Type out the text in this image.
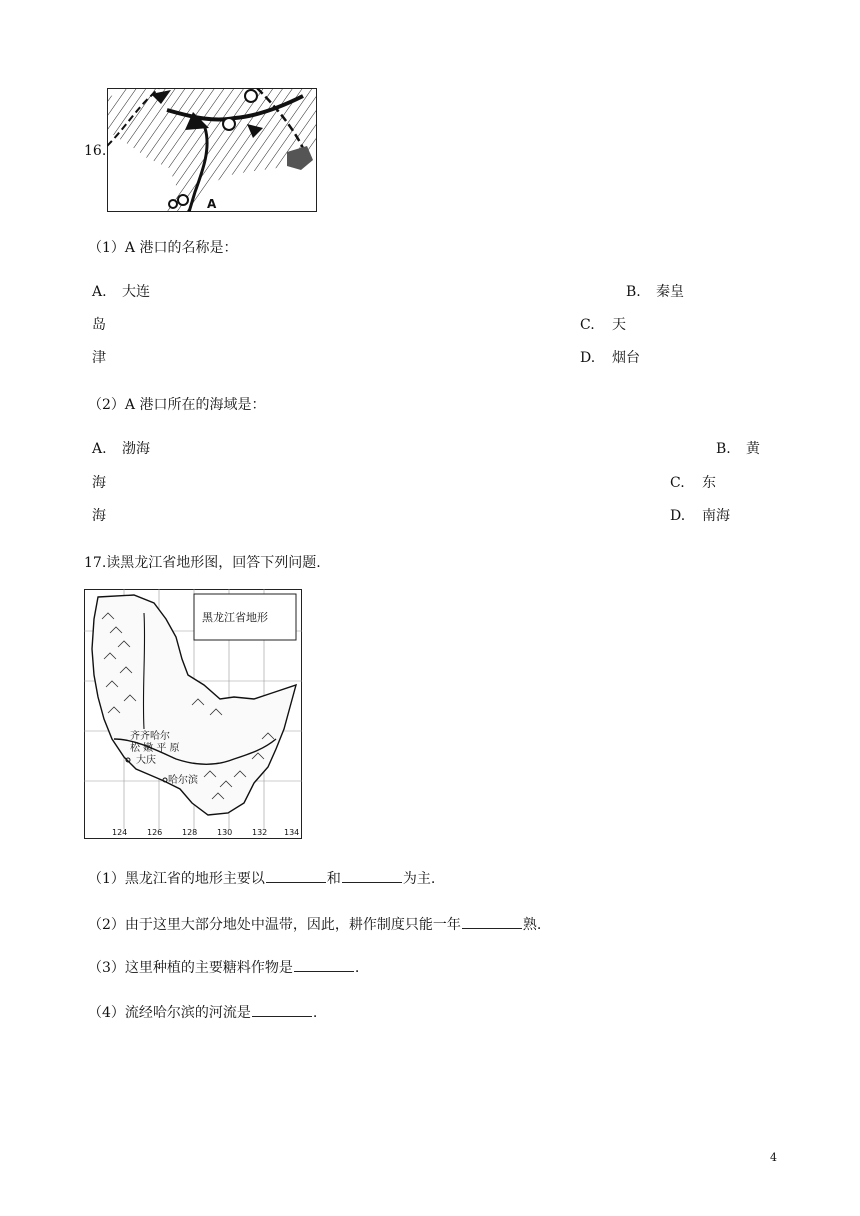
16.
A
（1）A 港口的名称是：
A. 大连	B. 秦皇
岛	C. 天
津	D. 烟台
（2）A 港口所在的海域是：
A. 渤海	B. 黄
海	C. 东
海	D. 南海
17.读黑龙江省地形图，回答下列问题.
黑龙江省地形
齐齐哈尔
大庆
哈尔滨
松 嫩 平 原
124 126 128 130 132 134
（1）黑龙江省的地形主要以	和	为主.
（2）由于这里大部分地处中温带，因此，耕作制度只能一年	熟.
（3）这里种植的主要糖料作物是	.
（4）流经哈尔滨的河流是	.
4
